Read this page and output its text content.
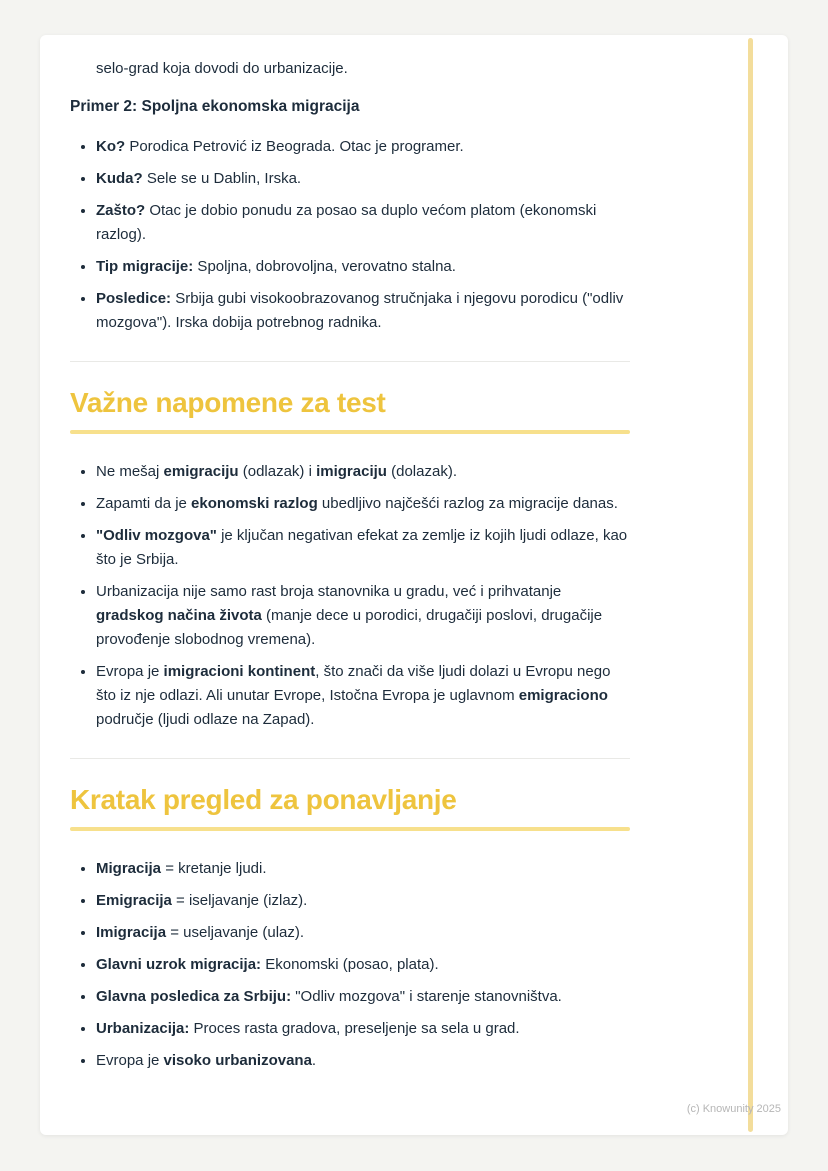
selo-grad koja dovodi do urbanizacije.

Primer 2: Spoljna ekonomska migracija
• Ko? Porodica Petrović iz Beograda. Otac je programer.
• Kuda? Sele se u Dablin, Irska.
• Zašto? Otac je dobio ponudu za posao sa duplo većom platom (ekonomski razlog).
• Tip migracije: Spoljna, dobrovoljna, verovatno stalna.
• Posledice: Srbija gubi visokoobrazovanog stručnjaka i njegovu porodicu ("odliv mozgova"). Irska dobija potrebnog radnika.
Važne napomene za test
• Ne mešaj emigraciju (odlazak) i imigraciju (dolazak).
• Zapamti da je ekonomski razlog ubedljivo najčešći razlog za migracije danas.
• "Odliv mozgova" je ključan negativan efekat za zemlje iz kojih ljudi odlaze, kao što je Srbija.
• Urbanizacija nije samo rast broja stanovnika u gradu, već i prihvatanje gradskog načina života (manje dece u porodici, drugačiji poslovi, drugačije provođenje slobodnog vremena).
• Evropa je imigracioni kontinent, što znači da više ljudi dolazi u Evropu nego što iz nje odlazi. Ali unutar Evrope, Istočna Evropa je uglavnom emigraciono područje (ljudi odlaze na Zapad).
Kratak pregled za ponavljanje
• Migracija = kretanje ljudi.
• Emigracija = iseljavanje (izlaz).
• Imigracija = useljavanje (ulaz).
• Glavni uzrok migracija: Ekonomski (posao, plata).
• Glavna posledica za Srbiju: "Odliv mozgova" i starenje stanovništva.
• Urbanizacija: Proces rasta gradova, preseljenje sa sela u grad.
• Evropa je visoko urbanizovana.
(c) Knowunity 2025
